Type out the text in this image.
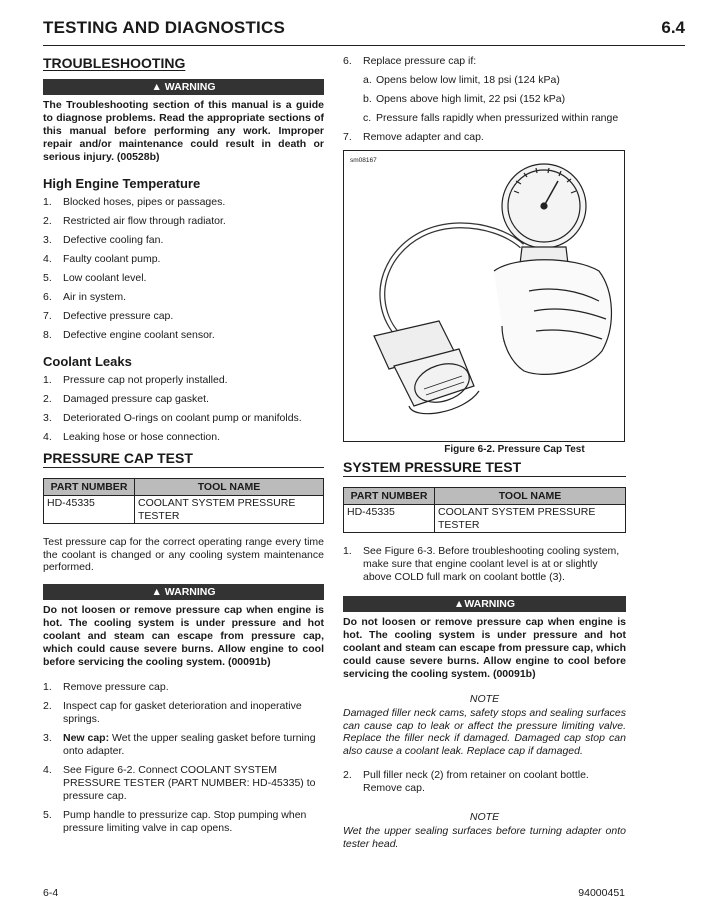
TESTING AND DIAGNOSTICS	6.4
TROUBLESHOOTING
▲ WARNING
The Troubleshooting section of this manual is a guide to diagnose problems. Read the appropriate sections of this manual before performing any work. Improper repair and/or maintenance could result in death or serious injury. (00528b)
High Engine Temperature
1.	Blocked hoses, pipes or passages.
2.	Restricted air flow through radiator.
3.	Defective cooling fan.
4.	Faulty coolant pump.
5.	Low coolant level.
6.	Air in system.
7.	Defective pressure cap.
8.	Defective engine coolant sensor.
Coolant Leaks
1.	Pressure cap not properly installed.
2.	Damaged pressure cap gasket.
3.	Deteriorated O-rings on coolant pump or manifolds.
4.	Leaking hose or hose connection.
PRESSURE CAP TEST
PART NUMBER	TOOL NAME
HD-45335	COOLANT SYSTEM PRESSURE TESTER
Test pressure cap for the correct operating range every time the coolant is changed or any cooling system maintenance performed.
▲ WARNING
Do not loosen or remove pressure cap when engine is hot. The cooling system is under pressure and hot coolant and steam can escape from pressure cap, which could cause severe burns. Allow engine to cool before servicing the cooling system. (00091b)
1.	Remove pressure cap.
2.	Inspect cap for gasket deterioration and inoperative springs.
3.	New cap: Wet the upper sealing gasket before turning onto adapter.
4.	See Figure 6-2. Connect COOLANT SYSTEM PRESSURE TESTER (PART NUMBER: HD-45335) to pressure cap.
5.	Pump handle to pressurize cap. Stop pumping when pressure limiting valve in cap opens.
6.	Replace pressure cap if:
a. Opens below low limit, 18 psi (124 kPa)
b. Opens above high limit, 22 psi (152 kPa)
c. Pressure falls rapidly when pressurized within range
7.	Remove adapter and cap.
sm08167
Figure 6-2. Pressure Cap Test
SYSTEM PRESSURE TEST
PART NUMBER	TOOL NAME
HD-45335	COOLANT SYSTEM PRESSURE TESTER
1.	See Figure 6-3. Before troubleshooting cooling system, make sure that engine coolant level is at or slightly above COLD full mark on coolant bottle (3).
▲WARNING
Do not loosen or remove pressure cap when engine is hot. The cooling system is under pressure and hot coolant and steam can escape from pressure cap, which could cause severe burns. Allow engine to cool before servicing the cooling system. (00091b)
NOTE
Damaged filler neck cams, safety stops and sealing surfaces can cause cap to leak or affect the pressure limiting valve. Replace the filler neck if damaged. Damaged cap stop can also cause a coolant leak. Replace cap if damaged.
2.	Pull filler neck (2) from retainer on coolant bottle. Remove cap.
NOTE
Wet the upper sealing surfaces before turning adapter onto tester head.
6-4	94000451
